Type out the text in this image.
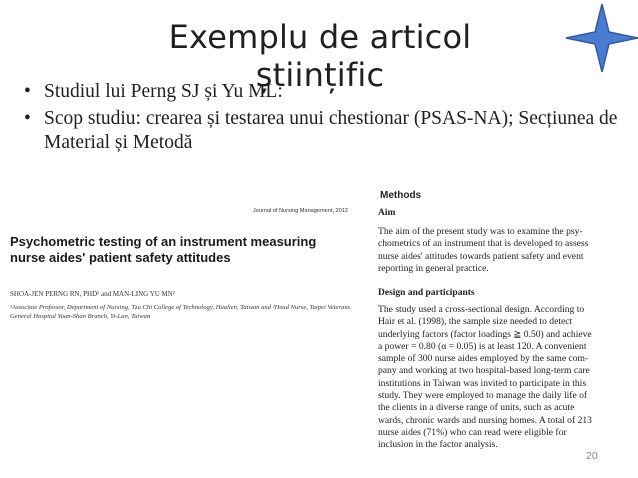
Exemplu de articol științific
• Studiul lui Perng SJ și Yu ML:
• Scop studiu: crearea și testarea unui chestionar (PSAS-NA); Secțiunea de Material și Metodă
Journal of Nursing Management, 2012
Psychometric testing of an instrument measuring nurse aides' patient safety attitudes
SHOA-JEN PERNG RN, PHD¹ and MAN-LING YU MN²
¹Associate Professor, Department of Nursing, Tzu Chi College of Technology, Hualien, Taiwan and ²Head Nurse, Taipei Veterans General Hospital Yuan-Shan Branch, Yi-Lan, Taiwan
Methods
Aim
The aim of the present study was to examine the psy-
chometrics of an instrument that is developed to assess
nurse aides' attitudes towards patient safety and event
reporting in general practice.
Design and participants
The study used a cross-sectional design. According to
Hair et al. (1998), the sample size needed to detect
underlying factors (factor loadings ≧ 0.50) and achieve
a power = 0.80 (α = 0.05) is at least 120. A convenient
sample of 300 nurse aides employed by the same com-
pany and working at two hospital-based long-term care
institutions in Taiwan was invited to participate in this
study. They were employed to manage the daily life of
the clients in a diverse range of units, such as acute
wards, chronic wards and nursing homes. A total of 213
nurse aides (71%) who can read were eligible for
inclusion in the factor analysis.
20
